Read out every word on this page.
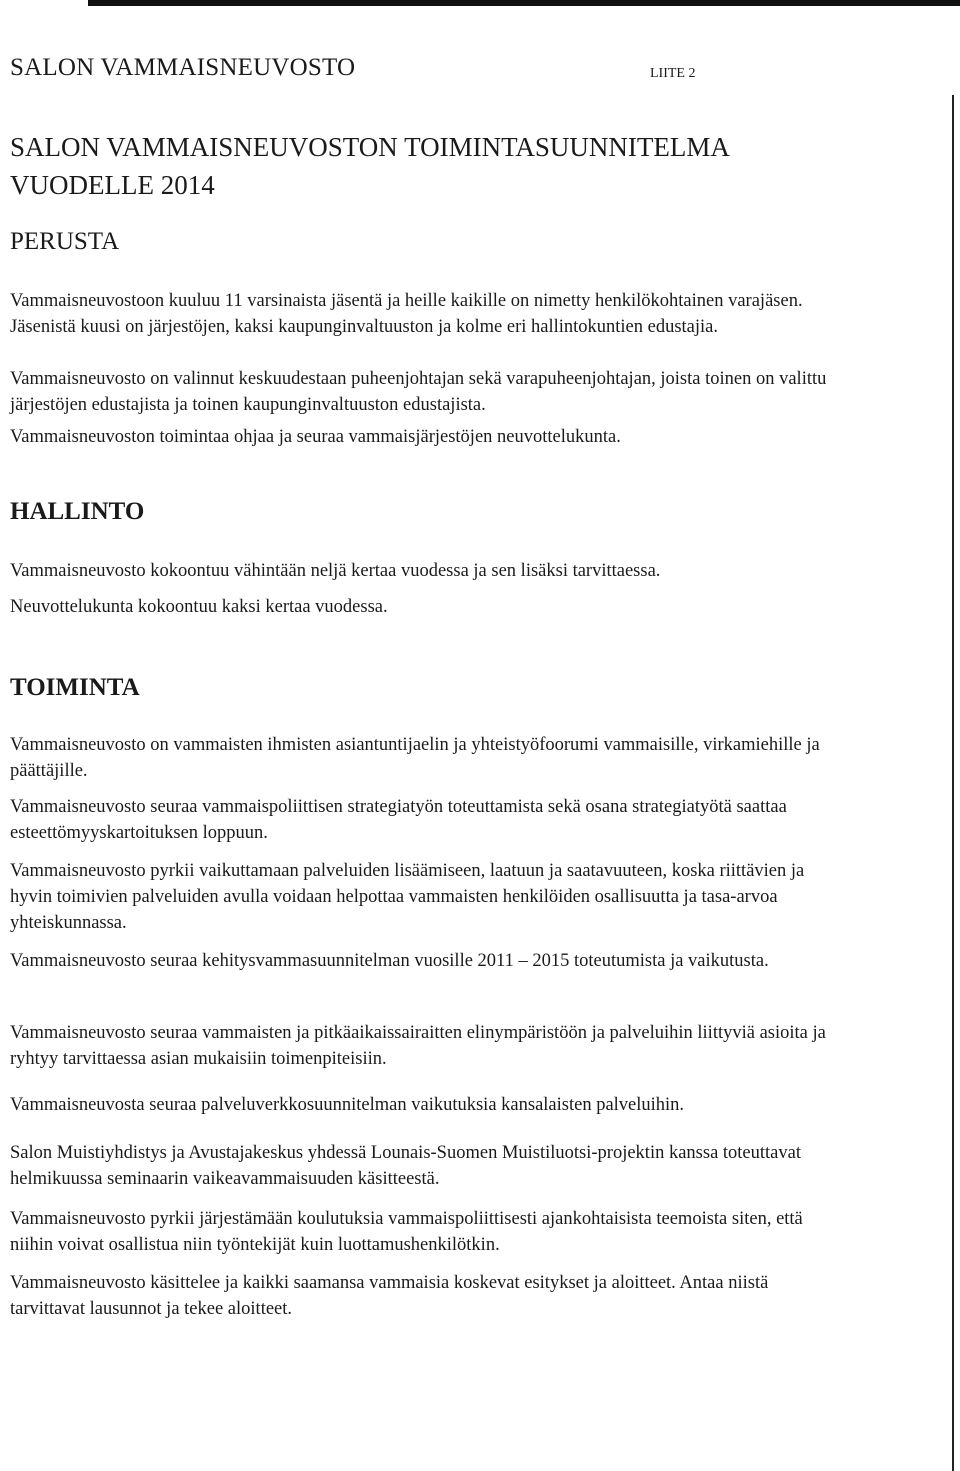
SALON VAMMAISNEUVOSTO	LIITE 2
SALON VAMMAISNEUVOSTON TOIMINTASUUNNITELMA
VUODELLE 2014
PERUSTA
Vammaisneuvostoon kuuluu 11 varsinaista jäsentä ja heille kaikille on nimetty henkilökohtainen varajäsen. Jäsenistä kuusi on järjestöjen, kaksi kaupunginvaltuuston ja kolme eri hallintokuntien edustajia.
Vammaisneuvosto on valinnut keskuudestaan puheenjohtajan sekä varapuheenjohtajan, joista toinen on valittu järjestöjen edustajista ja toinen kaupunginvaltuuston edustajista.
Vammaisneuvoston toimintaa ohjaa ja seuraa vammaisjärjestöjen neuvottelukunta.
HALLINTO
Vammaisneuvosto kokoontuu vähintään neljä kertaa vuodessa ja sen lisäksi tarvittaessa.
Neuvottelukunta kokoontuu kaksi kertaa vuodessa.
TOIMINTA
Vammaisneuvosto on vammaisten ihmisten asiantuntijaelin ja yhteistyöfoorumi vammaisille, virkamiehille ja päättäjille.
Vammaisneuvosto seuraa vammaispoliittisen strategiatyön toteuttamista sekä osana strategiatyötä saattaa esteettömyyskartoituksen loppuun.
Vammaisneuvosto pyrkii vaikuttamaan palveluiden lisäämiseen, laatuun ja saatavuuteen, koska riittävien ja hyvin toimivien palveluiden avulla voidaan helpottaa vammaisten henkilöiden osallisuutta ja tasa-arvoa yhteiskunnassa.
Vammaisneuvosto seuraa kehitysvammasuunnitelman vuosille 2011 – 2015 toteutumista ja vaikutusta.
Vammaisneuvosto seuraa vammaisten ja pitkäaikaissairaitten elinympäristöön ja palveluihin liittyviä asioita ja ryhtyy tarvittaessa asian mukaisiin toimenpiteisiin.
Vammaisneuvosta seuraa palveluverkkosuunnitelman vaikutuksia kansalaisten palveluihin.
Salon Muistiyhdistys ja Avustajakeskus yhdessä Lounais-Suomen Muistiluotsi-projektin kanssa toteuttavat helmikuussa seminaarin vaikeavammaisuuden käsitteestä.
Vammaisneuvosto pyrkii järjestämään koulutuksia vammaispoliittisesti ajankohtaisista teemoista siten, että niihin voivat osallistua niin työntekijät kuin luottamushenkilötkin.
Vammaisneuvosto käsittelee ja kaikki saamansa vammaisia koskevat esitykset ja aloitteet. Antaa niistä tarvittavat lausunnot ja tekee aloitteet.
